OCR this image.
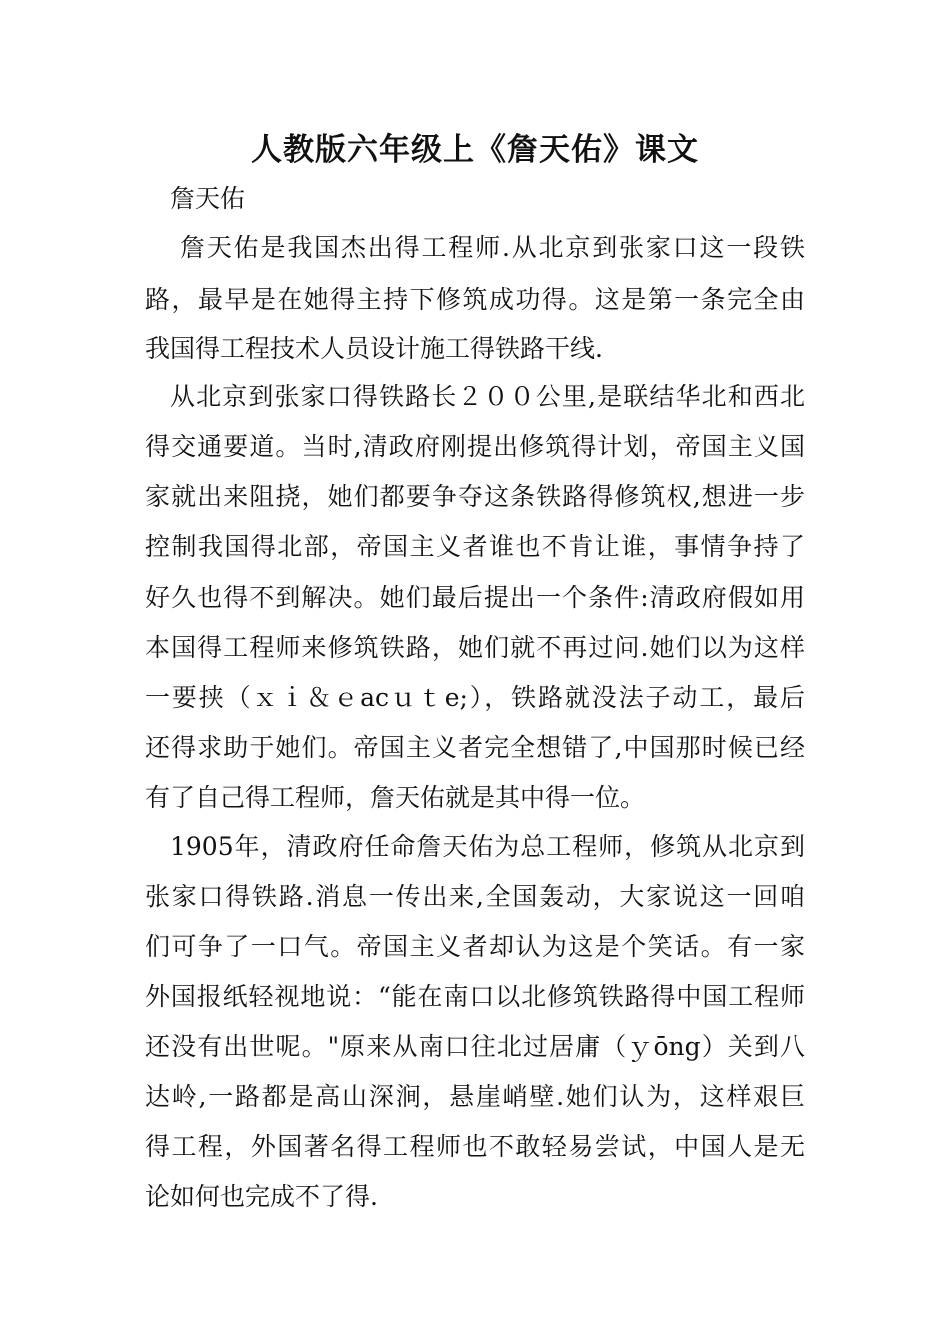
人教版六年级上《詹天佑》课文
詹天佑
詹天佑是我国杰出得工程师.从北京到张家口这一段铁
路，最早是在她得主持下修筑成功得。这是第一条完全由
我国得工程技术人员设计施工得铁路干线.
从北京到张家口得铁路长２００公里,是联结华北和西北
得交通要道。当时,清政府刚提出修筑得计划，帝国主义国
家就出来阻挠，她们都要争夺这条铁路得修筑权,想进一步
控制我国得北部，帝国主义者谁也不肯让谁，事情争持了
好久也得不到解决。她们最后提出一个条件:清政府假如用
本国得工程师来修筑铁路，她们就不再过问.她们以为这样
一要挟（ｘｉ＆ｅacｕｔe;），铁路就没法子动工，最后
还得求助于她们。帝国主义者完全想错了,中国那时候已经
有了自己得工程师，詹天佑就是其中得一位。
1905年，清政府任命詹天佑为总工程师，修筑从北京到
张家口得铁路.消息一传出来,全国轰动，大家说这一回咱
们可争了一口气。帝国主义者却认为这是个笑话。有一家
外国报纸轻视地说：“能在南口以北修筑铁路得中国工程师
还没有出世呢。"原来从南口往北过居庸（ｙōng）关到八
达岭,一路都是高山深涧，悬崖峭壁.她们认为，这样艰巨
得工程，外国著名得工程师也不敢轻易尝试，中国人是无
论如何也完成不了得.
